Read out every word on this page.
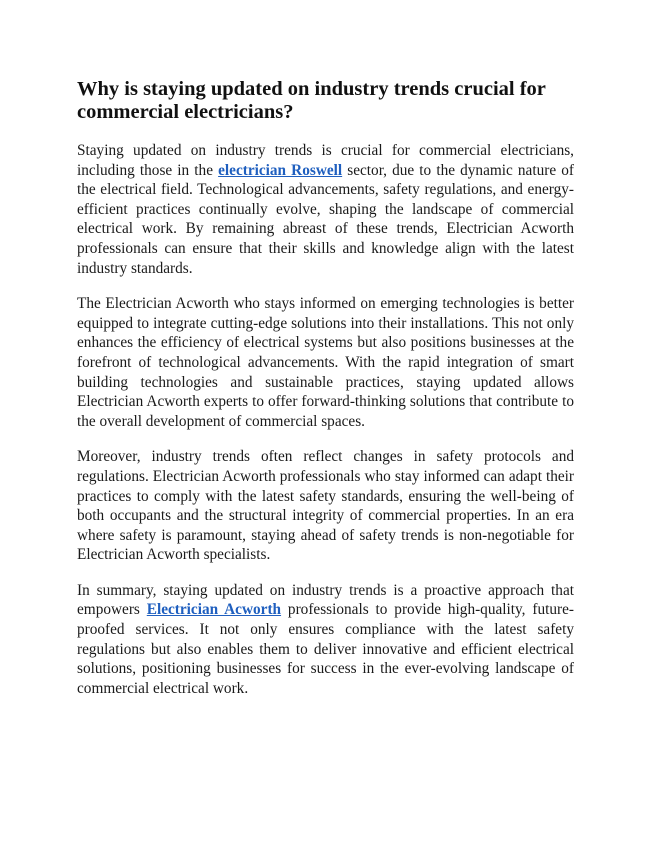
Why is staying updated on industry trends crucial for commercial electricians?

Staying updated on industry trends is crucial for commercial electricians, including those in the electrician Roswell sector, due to the dynamic nature of the electrical field. Technological advancements, safety regulations, and energy-efficient practices continually evolve, shaping the landscape of commercial electrical work. By remaining abreast of these trends, Electrician Acworth professionals can ensure that their skills and knowledge align with the latest industry standards.

The Electrician Acworth who stays informed on emerging technologies is better equipped to integrate cutting-edge solutions into their installations. This not only enhances the efficiency of electrical systems but also positions businesses at the forefront of technological advancements. With the rapid integration of smart building technologies and sustainable practices, staying updated allows Electrician Acworth experts to offer forward-thinking solutions that contribute to the overall development of commercial spaces.

Moreover, industry trends often reflect changes in safety protocols and regulations. Electrician Acworth professionals who stay informed can adapt their practices to comply with the latest safety standards, ensuring the well-being of both occupants and the structural integrity of commercial properties. In an era where safety is paramount, staying ahead of safety trends is non-negotiable for Electrician Acworth specialists.

In summary, staying updated on industry trends is a proactive approach that empowers Electrician Acworth professionals to provide high-quality, future-proofed services. It not only ensures compliance with the latest safety regulations but also enables them to deliver innovative and efficient electrical solutions, positioning businesses for success in the ever-evolving landscape of commercial electrical work.
